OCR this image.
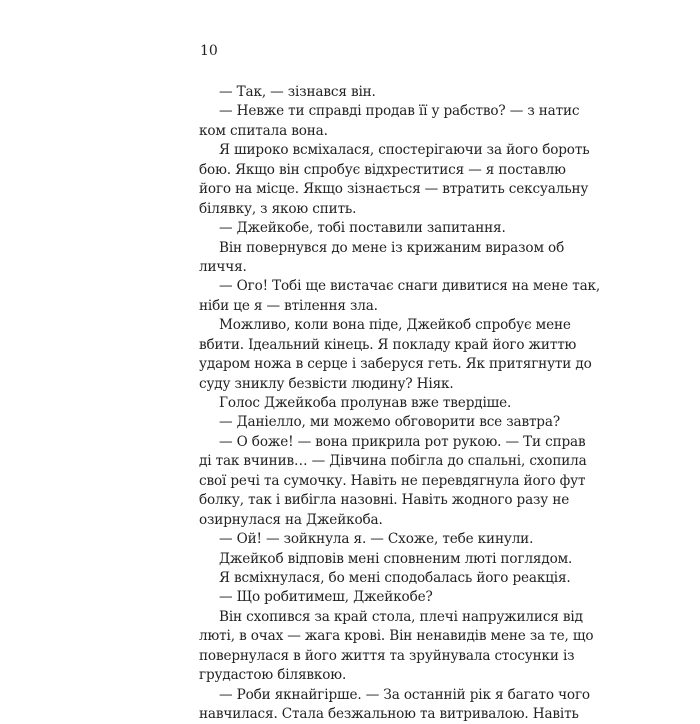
10
— Так, — зізнався він.
— Невже ти справді продав її у рабство? — з натис
ком спитала вона.
Я широко всміхалася, спостерігаючи за його бороть
бою. Якщо він спробує відхреститися — я поставлю
його на місце. Якщо зізнається — втратить сексуальну
білявку, з якою спить.
— Джейкобе, тобі поставили запитання.
Він повернувся до мене із крижаним виразом об
личчя.
— Ого! Тобі ще вистачає снаги дивитися на мене так,
ніби це я — втілення зла.
Можливо, коли вона піде, Джейкоб спробує мене
вбити. Ідеальний кінець. Я покладу край його життю
ударом ножа в серце і заберуся геть. Як притягнути до
суду зниклу безвісти людину? Ніяк.
Голос Джейкоба пролунав вже твердіше.
— Даніелло, ми можемо обговорити все завтра?
— О боже! — вона прикрила рот рукою. — Ти справ
ді так вчинив… — Дівчина побігла до спальні, схопила
свої речі та сумочку. Навіть не перевдягнула його фут
болку, так і вибігла назовні. Навіть жодного разу не
озирнулася на Джейкоба.
— Ой! — зойкнула я. — Схоже, тебе кинули.
Джейкоб відповів мені сповненим люті поглядом.
Я всміхнулася, бо мені сподобалась його реакція.
— Що робитимеш, Джейкобе?
Він схопився за край стола, плечі напружилися від
люті, в очах — жага крові. Він ненавидів мене за те, що
повернулася в його життя та зруйнувала стосунки із
грудастою білявкою.
— Роби якнайгірше. — За останній рік я багато чого
навчилася. Стала безжальною та витривалою. Навіть
